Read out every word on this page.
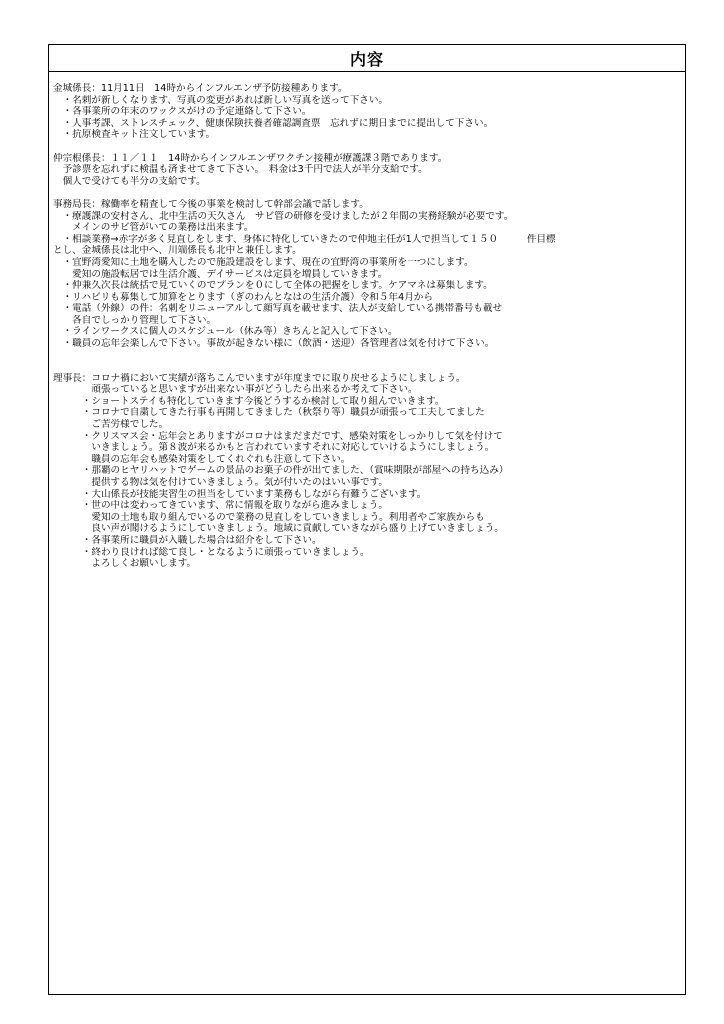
内容
金城係長：11月11日　14時からインフルエンザ予防接種あります。
　・名刺が新しくなります、写真の変更があれば新しい写真を送って下さい。
　・各事業所の年末のワックスがけの予定連絡して下さい。
　・人事考課、ストレスチェック、健康保険扶養者確認調査票　忘れずに期日までに提出して下さい。
　・抗原検査キット注文しています。
仲宗根係長：１１／１１　14時からインフルエンザワクチン接種が療護課３階であります。
　予診票を忘れずに検温も済ませてきて下さい。　料金は3千円で法人が半分支給です。
　個人で受けても半分の支給です。
事務局長：稼働率を精査して今後の事業を検討して幹部会議で話します。
　・療護課の安村さん、北中生活の天久さん　サビ管の研修を受けましたが２年間の実務経験が必要です。
　　メインのサビ管がいての業務は出来ます。
　・相談業務→赤字が多く見直しをします、身体に特化していきたので仲地主任が1人で担当して１５０　　　件目標
とし、金城係長は北中へ、川端係長も北中と兼任します。
　・宜野湾愛知に土地を購入したので施設建設をします、現在の宜野湾の事業所を一つにします。
　　愛知の施設転居では生活介護、デイサービスは定員を増員していきます。
　・仲兼久次長は統括で見ていくのでプランを０にして全体の把握をします。ケアマネは募集します。
　・リハビリも募集して加算をとります（ぎのわんとなはの生活介護）令和５年4月から
　・電話（外線）の件：名刺をリニューアルして顔写真を載せます、法人が支給している携帯番号も載せ
　　各自でしっかり管理して下さい。
　・ラインワークスに個人のスケジュール（休み等）きちんと記入して下さい。
　・職員の忘年会楽しんで下さい。事故が起きない様に（飲酒・送迎）各管理者は気を付けて下さい。
理事長：コロナ禍において実績が落ちこんでいますが年度までに取り戻せるようにしましょう。
　　　　頑張っていると思いますが出来ない事がどうしたら出来るか考えて下さい。
　　　・ショートステイも特化していきます今後どうするか検討して取り組んでいきます。
　　　・コロナで自粛してきた行事も再開してきました（秋祭り等）職員が頑張って工夫してました
　　　　ご苦労様でした。
　　　・クリスマス会・忘年会とありますがコロナはまだまだです、感染対策をしっかりして気を付けて
　　　　いきましょう。第８波が来るかもと言われていますそれに対応していけるようにしましょう。
　　　　職員の忘年会も感染対策をしてくれぐれも注意して下さい。
　　　・那覇のヒヤリハットでゲームの景品のお菓子の件が出てました、（賞味期限が部屋への持ち込み）
　　　　提供する物は気を付けていきましょう。気が付いたのはいい事です。
　　　・大山係長が技能実習生の担当をしています業務もしながら有難うございます。
　　　・世の中は変わってきています、常に情報を取りながら進みましょう。
　　　　愛知の土地も取り組んでいるので業務の見直しをしていきましょう。利用者やご家族からも
　　　　良い声が聞けるようにしていきましょう。地域に貢献していきながら盛り上げていきましょう。
　　　・各事業所に職員が入職した場合は紹介をして下さい。
　　　・終わり良ければ総て良し・となるように頑張っていきましょう。
　　　　よろしくお願いします。
